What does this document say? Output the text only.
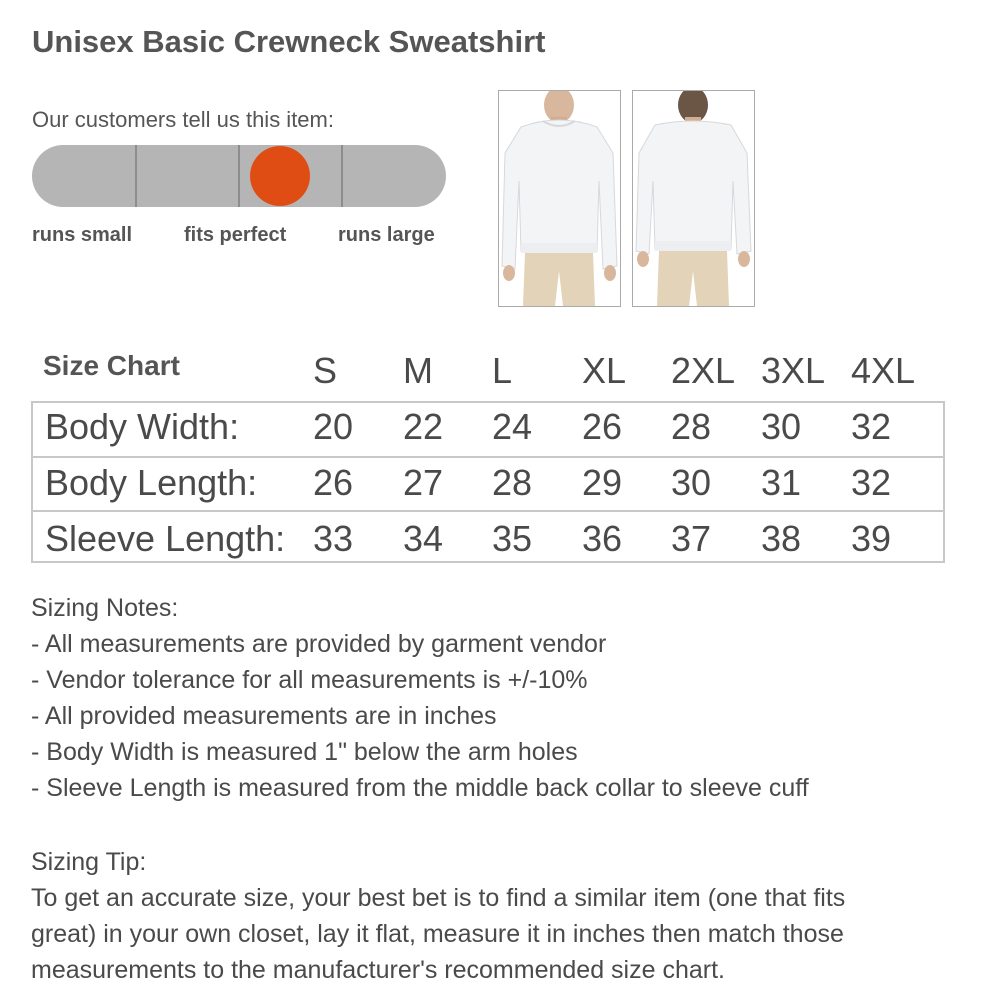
Unisex Basic Crewneck Sweatshirt
Our customers tell us this item:
runs small	fits perfect	runs large
Size Chart	S M L XL 2XL 3XL 4XL
Body Width: 20 22 24 26 28 30 32
Body Length: 26 27 28 29 30 31 32
Sleeve Length: 33 34 35 36 37 38 39
Sizing Notes:
- All measurements are provided by garment vendor
- Vendor tolerance for all measurements is +/-10%
- All provided measurements are in inches
- Body Width is measured 1" below the arm holes
- Sleeve Length is measured from the middle back collar to sleeve cuff
Sizing Tip:
To get an accurate size, your best bet is to find a similar item (one that fits
great) in your own closet, lay it flat, measure it in inches then match those
measurements to the manufacturer's recommended size chart.
